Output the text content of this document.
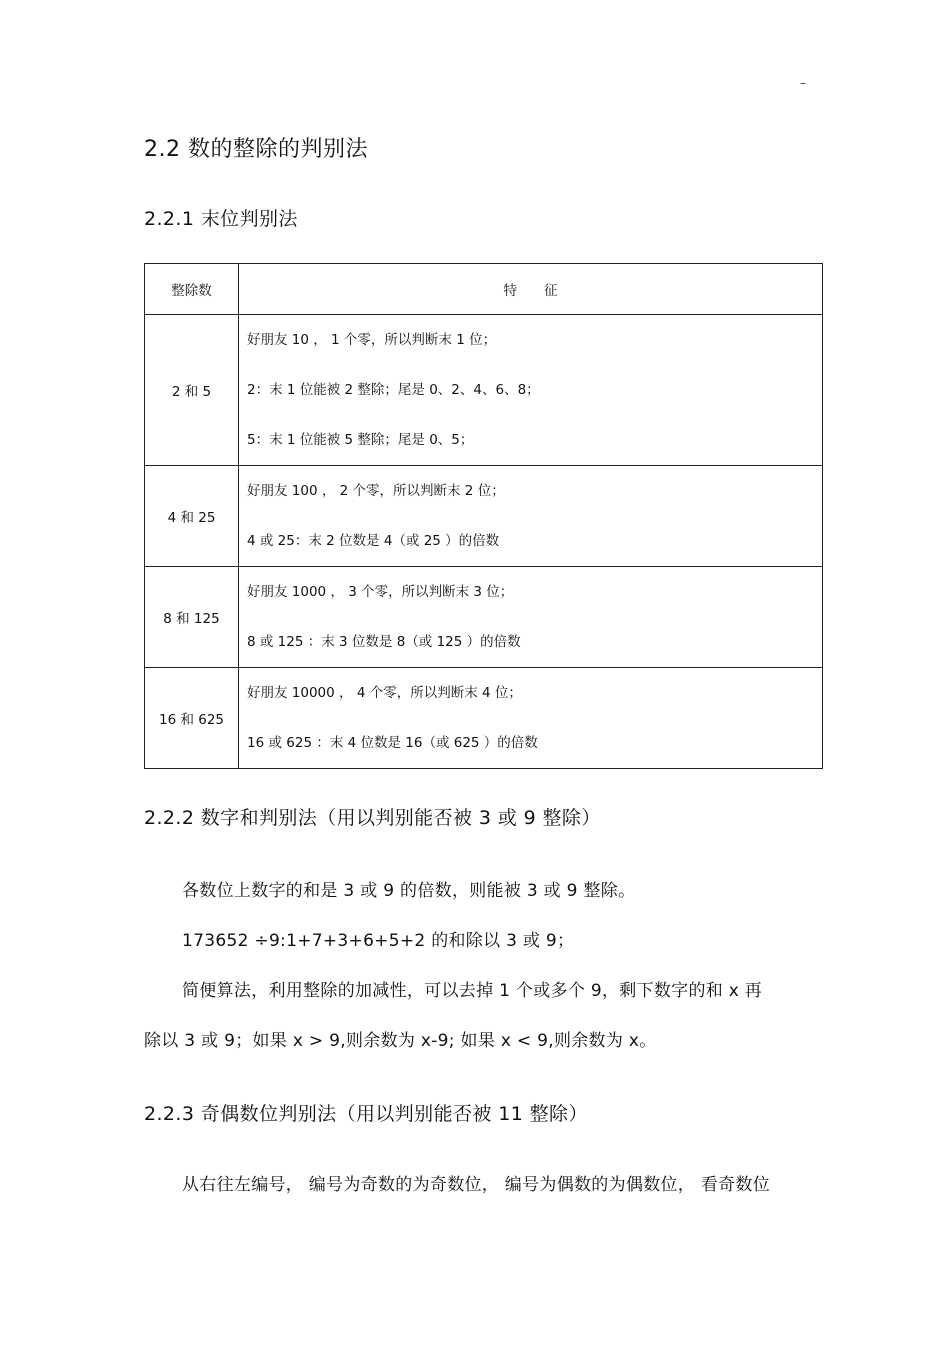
–
2.2 数的整除的判别法
2.2.1 末位判别法
整除数	特　　征
2 和 5	好朋友 10 ， 1 个零，所以判断末 1 位；
2：末 1 位能被 2 整除；尾是 0、2、4、6、8；
5：末 1 位能被 5 整除；尾是 0、5；

4 和 25	好朋友 100 ， 2 个零，所以判断末 2 位；
4 或 25：末 2 位数是 4（或 25 ）的倍数

8 和 125	好朋友 1000 ， 3 个零，所以判断末 3 位；
8 或 125 ：末 3 位数是 8（或 125 ）的倍数

16 和 625	好朋友 10000 ， 4 个零，所以判断末 4 位；
16 或 625 ：末 4 位数是 16（或 625 ）的倍数
2.2.2 数字和判别法（用以判别能否被 3 或 9 整除）
各数位上数字的和是 3 或 9 的倍数，则能被 3 或 9 整除。
173652 ÷9:1+7+3+6+5+2 的和除以 3 或 9；
简便算法，利用整除的加减性，可以去掉 1 个或多个 9，剩下数字的和 x 再
除以 3 或 9；如果 x > 9,则余数为 x-9; 如果 x < 9,则余数为 x。
2.2.3 奇偶数位判别法（用以判别能否被 11 整除）
从右往左编号， 编号为奇数的为奇数位， 编号为偶数的为偶数位， 看奇数位
